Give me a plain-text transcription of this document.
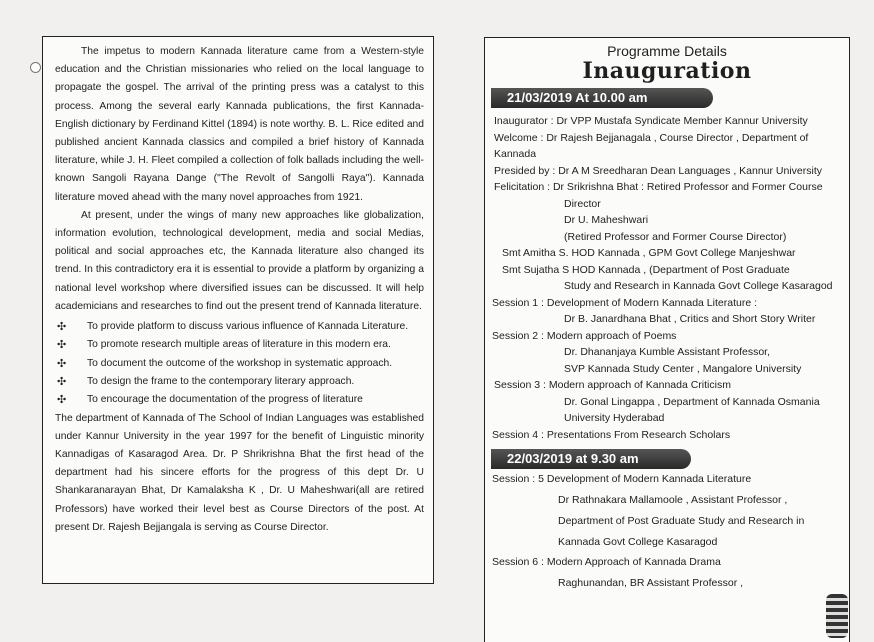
The impetus to modern Kannada literature came from a Western-style education and the Christian missionaries who relied on the local language to propagate the gospel. The arrival of the printing press was a catalyst to this process. Among the several early Kannada publications, the first Kannada-English dictionary by Ferdinand Kittel (1894) is note worthy. B. L. Rice edited and published ancient Kannada classics and compiled a brief history of Kannada literature, while J. H. Fleet compiled a collection of folk ballads including the well-known Sangoli Rayana Dange ("The Revolt of Sangolli Raya"). Kannada literature moved ahead with the many novel approaches from 1921.

At present, under the wings of many new approaches like globalization, information evolution, technological development, media and social Medias, political and social approaches etc, the Kannada literature also changed its trend. In this contradictory era it is essential to provide a platform by organizing a national level workshop where diversified issues can be discussed. It will help academicians and researches to find out the present trend of Kannada literature.

✣ To provide platform to discuss various influence of Kannada Literature.
✣ To promote research multiple areas of literature in this modern era.
✣ To document the outcome of the workshop in systematic approach.
✣ To design the frame to the contemporary literary approach.
✣ To encourage the documentation of the progress of literature

The department of Kannada of The School of Indian Languages was established under Kannur University in the year 1997 for the benefit of Linguistic minority Kannadigas of Kasaragod Area. Dr. P Shrikrishna Bhat the first head of the department had his sincere efforts for the progress of this dept Dr. U Shankaranarayan Bhat, Dr Kamalaksha K , Dr. U Maheshwari(all are retired Professors) have worked their level best as Course Directors of the post. At present Dr. Rajesh Bejjangala is serving as Course Director.

Programme Details
Inauguration
21/03/2019 At 10.00 am
Inaugurator : Dr VPP Mustafa Syndicate Member Kannur University
Welcome : Dr Rajesh Bejjanagala , Course Director , Department of
Kannada
Presided by : Dr A M Sreedharan Dean Languages , Kannur University
Felicitation : Dr Srikrishna Bhat : Retired Professor and Former Course
Director
Dr U. Maheshwari
(Retired Professor and Former Course Director)
Smt Amitha S. HOD Kannada , GPM Govt College Manjeshwar
Smt Sujatha S HOD Kannada , (Department of Post Graduate
Study and Research in Kannada Govt College Kasaragod
Session 1 : Development of Modern Kannada Literature :
Dr B. Janardhana Bhat , Critics and Short Story Writer
Session 2 : Modern approach of Poems
Dr. Dhananjaya Kumble Assistant Professor,
SVP Kannada Study Center , Mangalore University
Session 3 : Modern approach of Kannada Criticism
Dr. Gonal Lingappa , Department of Kannada Osmania
University Hyderabad
Session 4 : Presentations From Research Scholars
22/03/2019 at 9.30 am
Session : 5 Development of Modern Kannada Literature
Dr Rathnakara Mallamoole , Assistant Professor ,
Department of Post Graduate Study and Research in
Kannada Govt College Kasaragod
Session 6 : Modern Approach of Kannada Drama
Raghunandan, BR Assistant Professor ,
